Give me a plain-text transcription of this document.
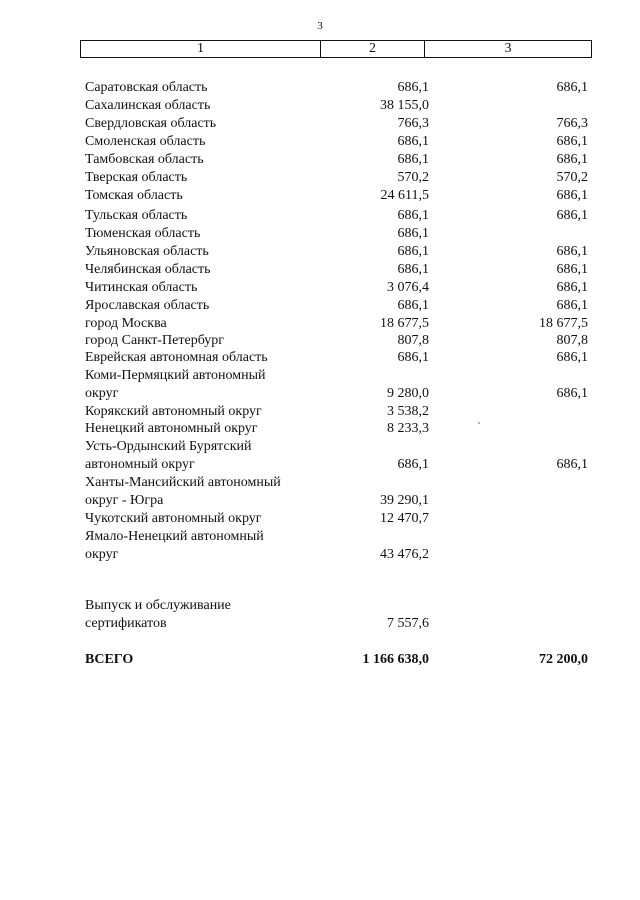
3
1	2	3
Саратовская область	686,1	686,1
Сахалинская область	38 155,0
Свердловская область	766,3	766,3
Смоленская область	686,1	686,1
Тамбовская область	686,1	686,1
Тверская область	570,2	570,2
Томская область	24 611,5	686,1
Тульская область	686,1	686,1
Тюменская область	686,1
Ульяновская область	686,1	686,1
Челябинская область	686,1	686,1
Читинская область	3 076,4	686,1
Ярославская область	686,1	686,1
город Москва	18 677,5	18 677,5
город Санкт-Петербург	807,8	807,8
Еврейская автономная область	686,1	686,1
Коми-Пермяцкий автономный
округ	9 280,0	686,1
Корякский автономный округ	3 538,2
Ненецкий автономный округ	8 233,3
Усть-Ордынский Бурятский
автономный округ	686,1	686,1
Ханты-Мансийский автономный
округ - Югра	39 290,1
Чукотский автономный округ	12 470,7
Ямало-Ненецкий автономный
округ	43 476,2
Выпуск и обслуживание
сертификатов	7 557,6
ВСЕГО	1 166 638,0	72 200,0
